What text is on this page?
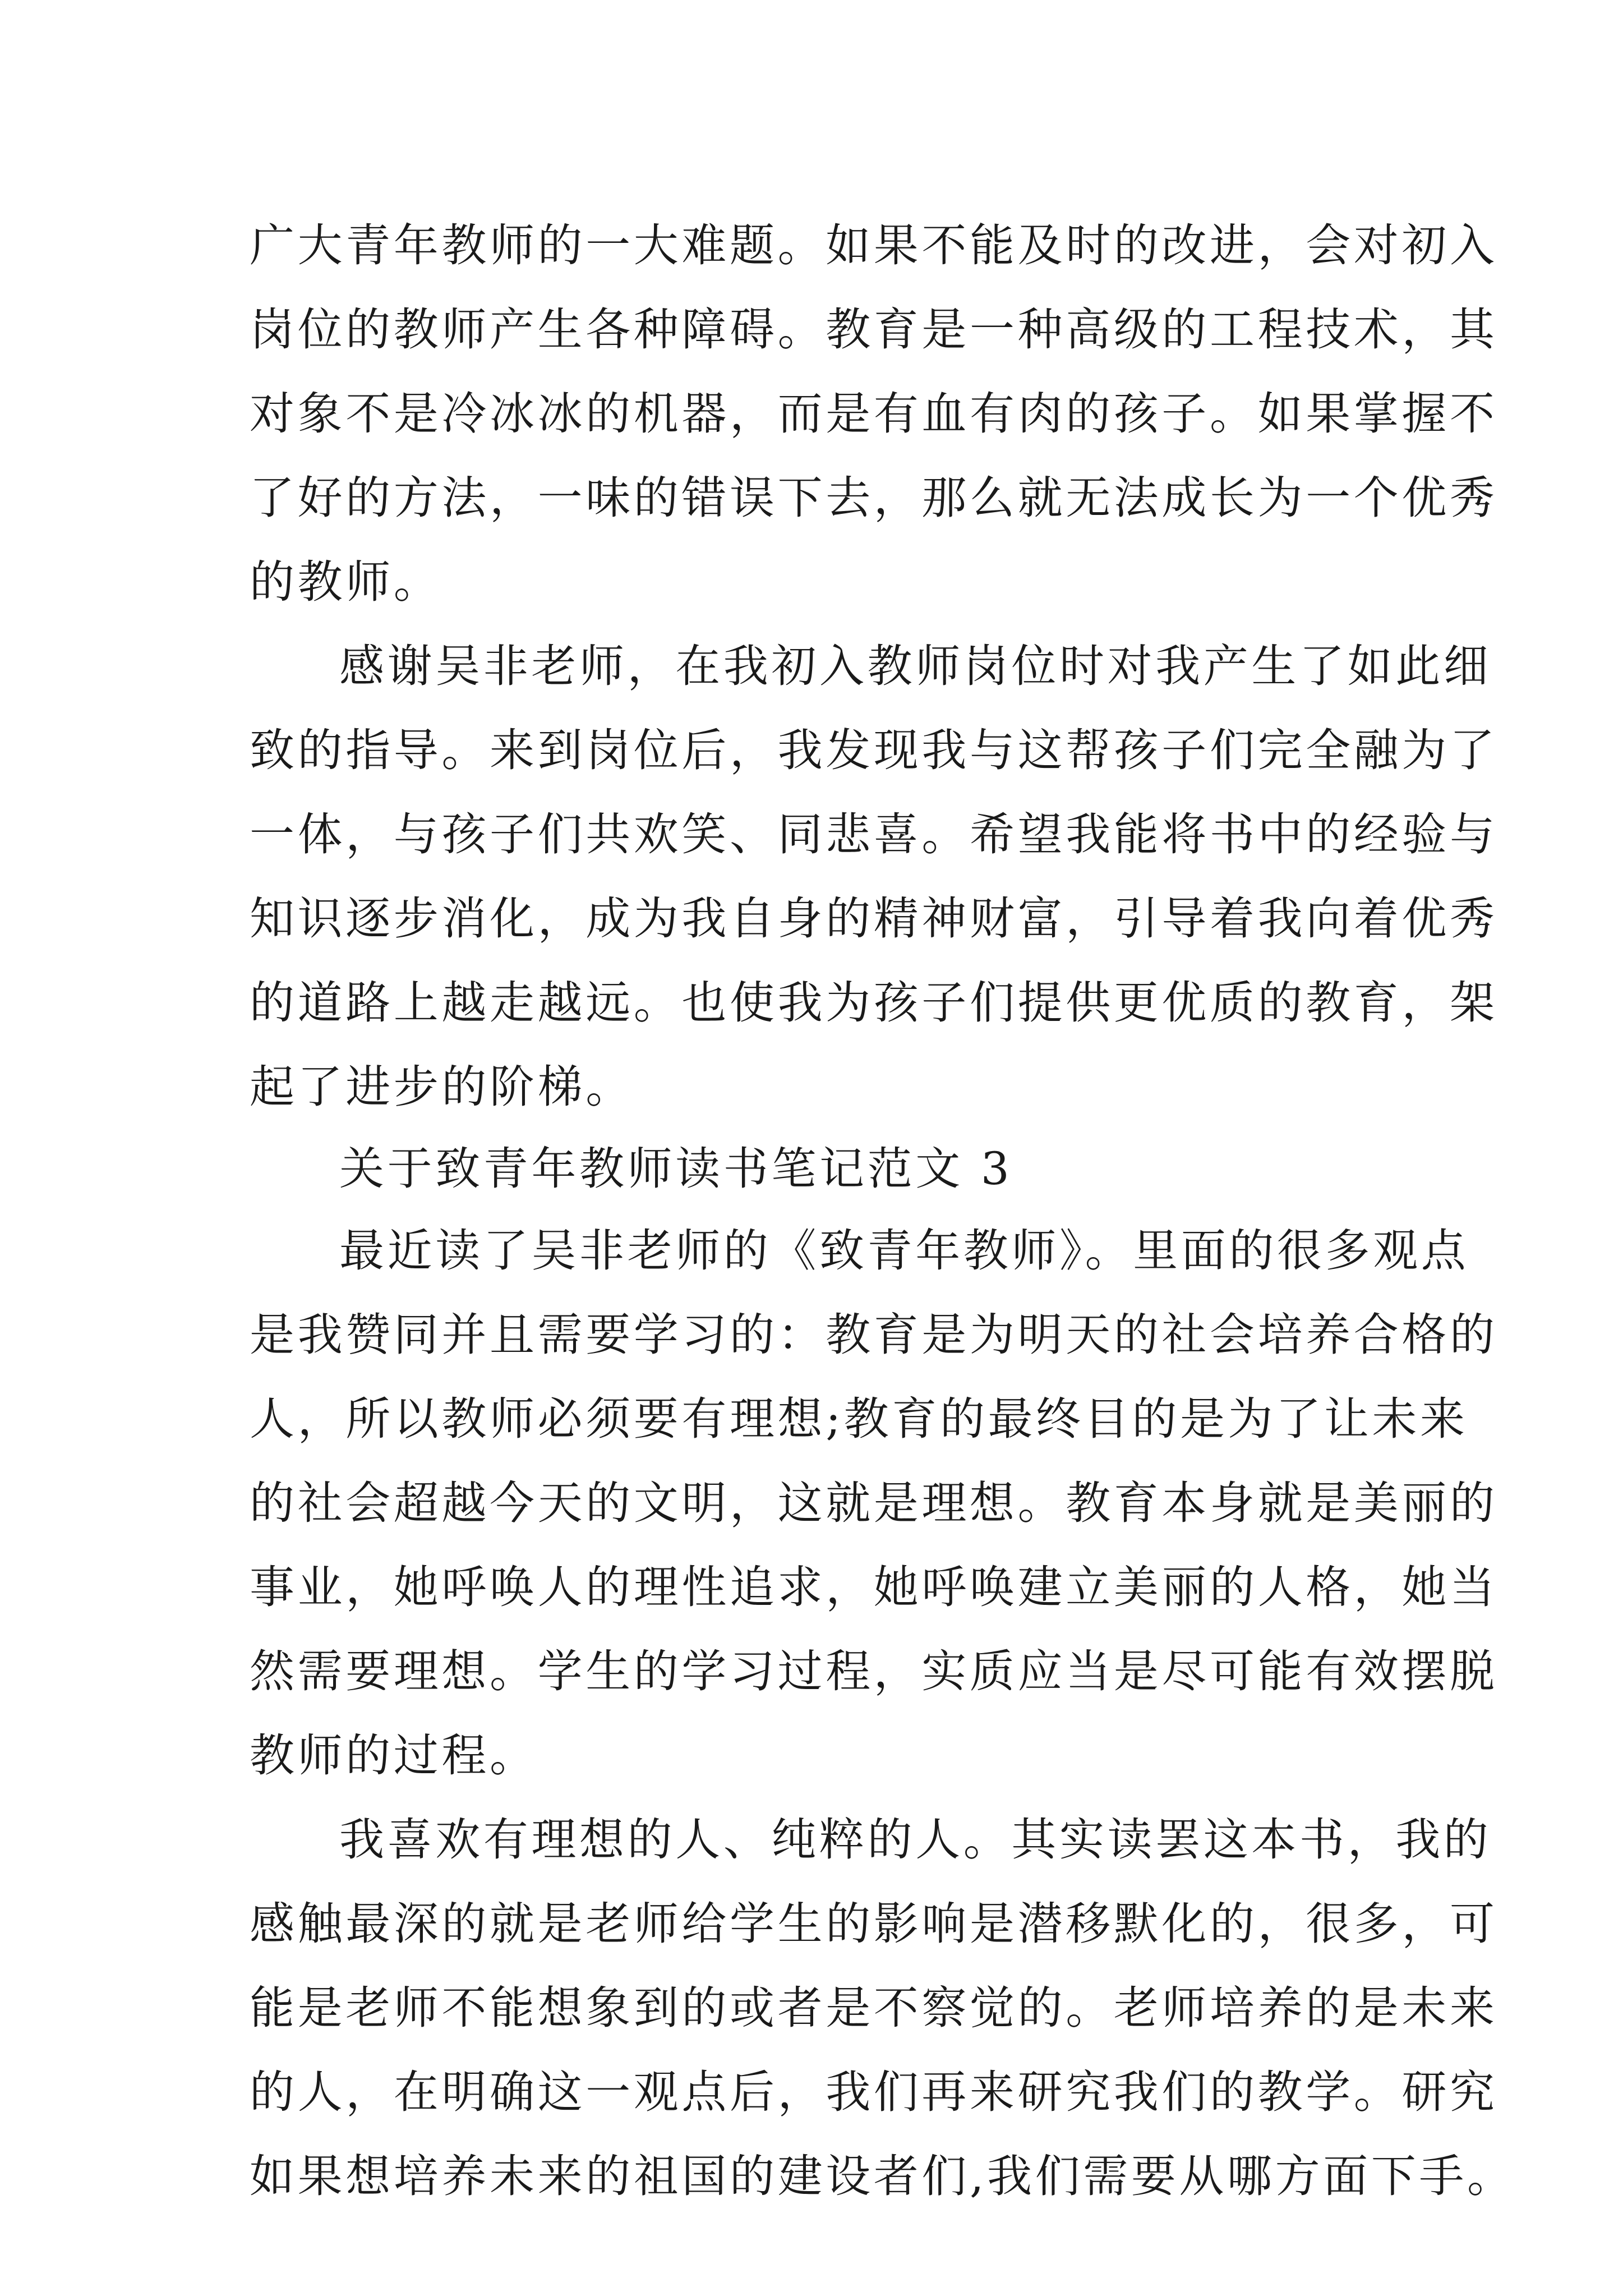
广大青年教师的一大难题。如果不能及时的改进，会对初入
岗位的教师产生各种障碍。教育是一种高级的工程技术，其
对象不是冷冰冰的机器，而是有血有肉的孩子。如果掌握不
了好的方法，一味的错误下去，那么就无法成长为一个优秀
的教师。
感谢吴非老师，在我初入教师岗位时对我产生了如此细
致的指导。来到岗位后，我发现我与这帮孩子们完全融为了
一体，与孩子们共欢笑、同悲喜。希望我能将书中的经验与
知识逐步消化，成为我自身的精神财富，引导着我向着优秀
的道路上越走越远。也使我为孩子们提供更优质的教育，架
起了进步的阶梯。
关于致青年教师读书笔记范文 3
最近读了吴非老师的《致青年教师》。里面的很多观点
是我赞同并且需要学习的：教育是为明天的社会培养合格的
人，所以教师必须要有理想;教育的最终目的是为了让未来
的社会超越今天的文明，这就是理想。教育本身就是美丽的
事业，她呼唤人的理性追求，她呼唤建立美丽的人格，她当
然需要理想。学生的学习过程，实质应当是尽可能有效摆脱
教师的过程。
我喜欢有理想的人、纯粹的人。其实读罢这本书，我的
感触最深的就是老师给学生的影响是潜移默化的，很多，可
能是老师不能想象到的或者是不察觉的。老师培养的是未来
的人，在明确这一观点后，我们再来研究我们的教学。研究
如果想培养未来的祖国的建设者们,我们需要从哪方面下手。
